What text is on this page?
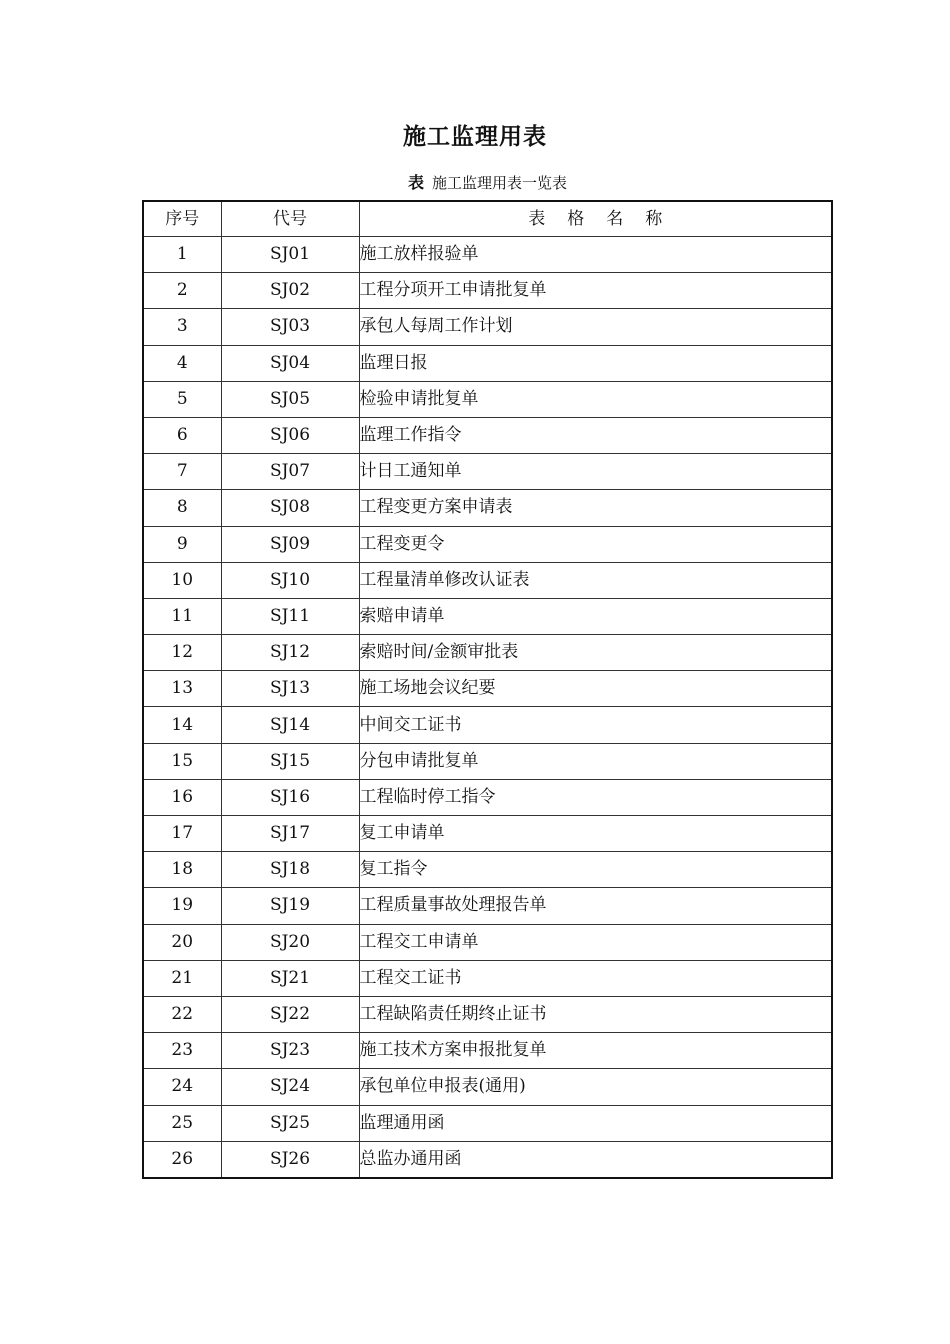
施工监理用表
表 施工监理用表一览表
序号	代号	表格名称
1	SJ01	施工放样报验单
2	SJ02	工程分项开工申请批复单
3	SJ03	承包人每周工作计划
4	SJ04	监理日报
5	SJ05	检验申请批复单
6	SJ06	监理工作指令
7	SJ07	计日工通知单
8	SJ08	工程变更方案申请表
9	SJ09	工程变更令
10	SJ10	工程量清单修改认证表
11	SJ11	索赔申请单
12	SJ12	索赔时间/金额审批表
13	SJ13	施工场地会议纪要
14	SJ14	中间交工证书
15	SJ15	分包申请批复单
16	SJ16	工程临时停工指令
17	SJ17	复工申请单
18	SJ18	复工指令
19	SJ19	工程质量事故处理报告单
20	SJ20	工程交工申请单
21	SJ21	工程交工证书
22	SJ22	工程缺陷责任期终止证书
23	SJ23	施工技术方案申报批复单
24	SJ24	承包单位申报表(通用)
25	SJ25	监理通用函
26	SJ26	总监办通用函
